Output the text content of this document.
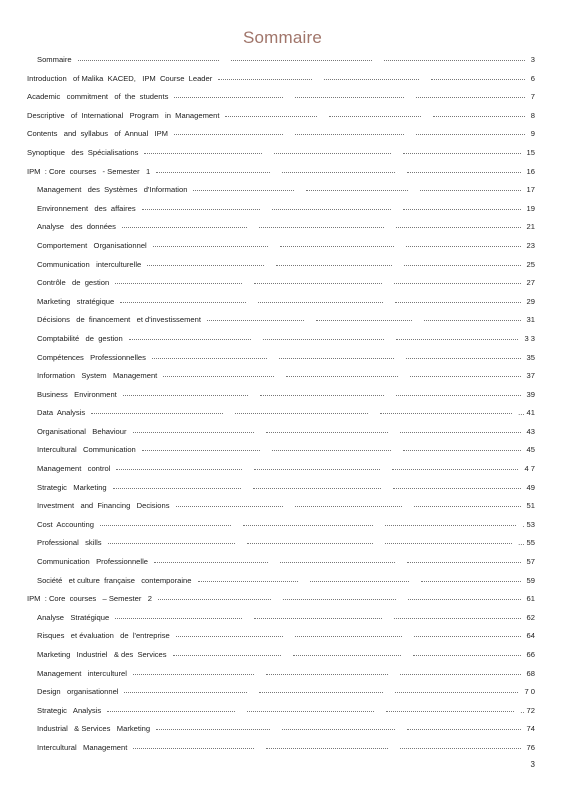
Sommaire
Sommaire	3
Introduction   of Malika  KACED,   IPM  Course  Leader	6
Academic   commitment   of  the  students	7
Descriptive   of  International   Program   in  Management	8
Contents   and  syllabus   of  Annual   IPM	9
Synoptique   des  Spécialisations	15
IPM  : Core  courses   - Semester   1	16
Management   des  Systèmes   d'Information	17
Environnement   des  affaires	19
Analyse   des  données	21
Comportement   Organisationnel	23
Communication   interculturelle	25
Contrôle   de  gestion	27
Marketing   stratégique	29
Décisions   de  financement   et d'investissement	31
Comptabilité   de  gestion	3 3
Compétences   Professionnelles	35
Information   System   Management	37
Business   Environment	39
Data  Analysis	... 41
Organisational   Behaviour	43
Intercultural   Communication	45
Management   control	4 7
Strategic   Marketing	49
Investment   and  Financing   Decisions	51
Cost  Accounting	. 53
Professional   skills	... 55
Communication   Professionnelle	57
Société   et culture  française   contemporaine	59
IPM  : Core  courses   – Semester   2	61
Analyse   Stratégique	62
Risques   et évaluation   de  l'entreprise	64
Marketing   Industriel   & des  Services	66
Management   interculturel	68
Design   organisationnel	7 0
Strategic   Analysis	.. 72
Industrial   & Services   Marketing	74
Intercultural   Management	76
3
